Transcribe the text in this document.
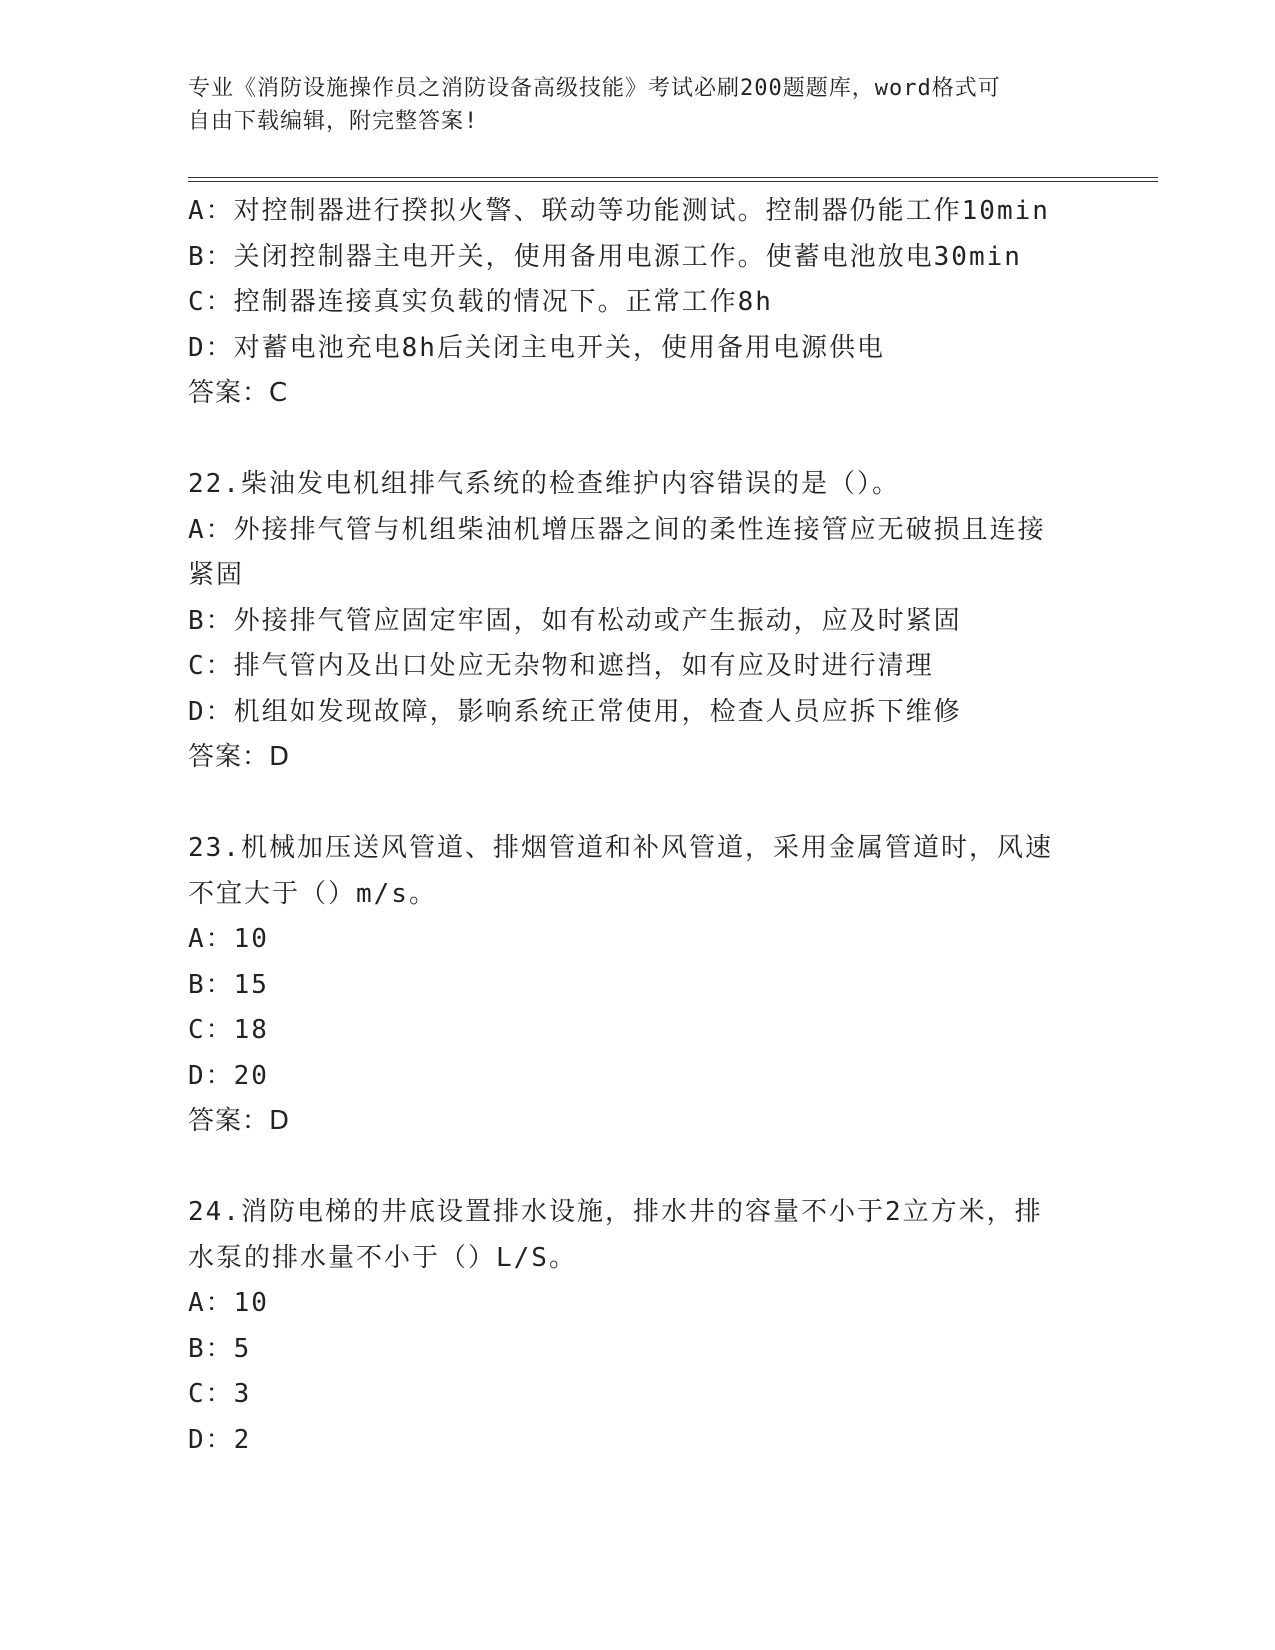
专业《消防设施操作员之消防设备高级技能》考试必刷200题题库，word格式可
自由下载编辑，附完整答案!
A：对控制器进行揆拟火警、联动等功能测试。控制器仍能工作10min
B：关闭控制器主电开关，使用备用电源工作。使蓄电池放电30min
C：控制器连接真实负载的情况下。正常工作8h
D：对蓄电池充电8h后关闭主电开关，使用备用电源供电
答案：C
22.柴油发电机组排气系统的检查维护内容错误的是（）。
A：外接排气管与机组柴油机增压器之间的柔性连接管应无破损且连接
紧固
B：外接排气管应固定牢固，如有松动或产生振动，应及时紧固
C：排气管内及出口处应无杂物和遮挡，如有应及时进行清理
D：机组如发现故障，影响系统正常使用，检查人员应拆下维修
答案：D
23.机械加压送风管道、排烟管道和补风管道，采用金属管道时，风速
不宜大于（）m/s。
A：10
B：15
C：18
D：20
答案：D
24.消防电梯的井底设置排水设施，排水井的容量不小于2立方米，排
水泵的排水量不小于（）L/S。
A：10
B：5
C：3
D：2
